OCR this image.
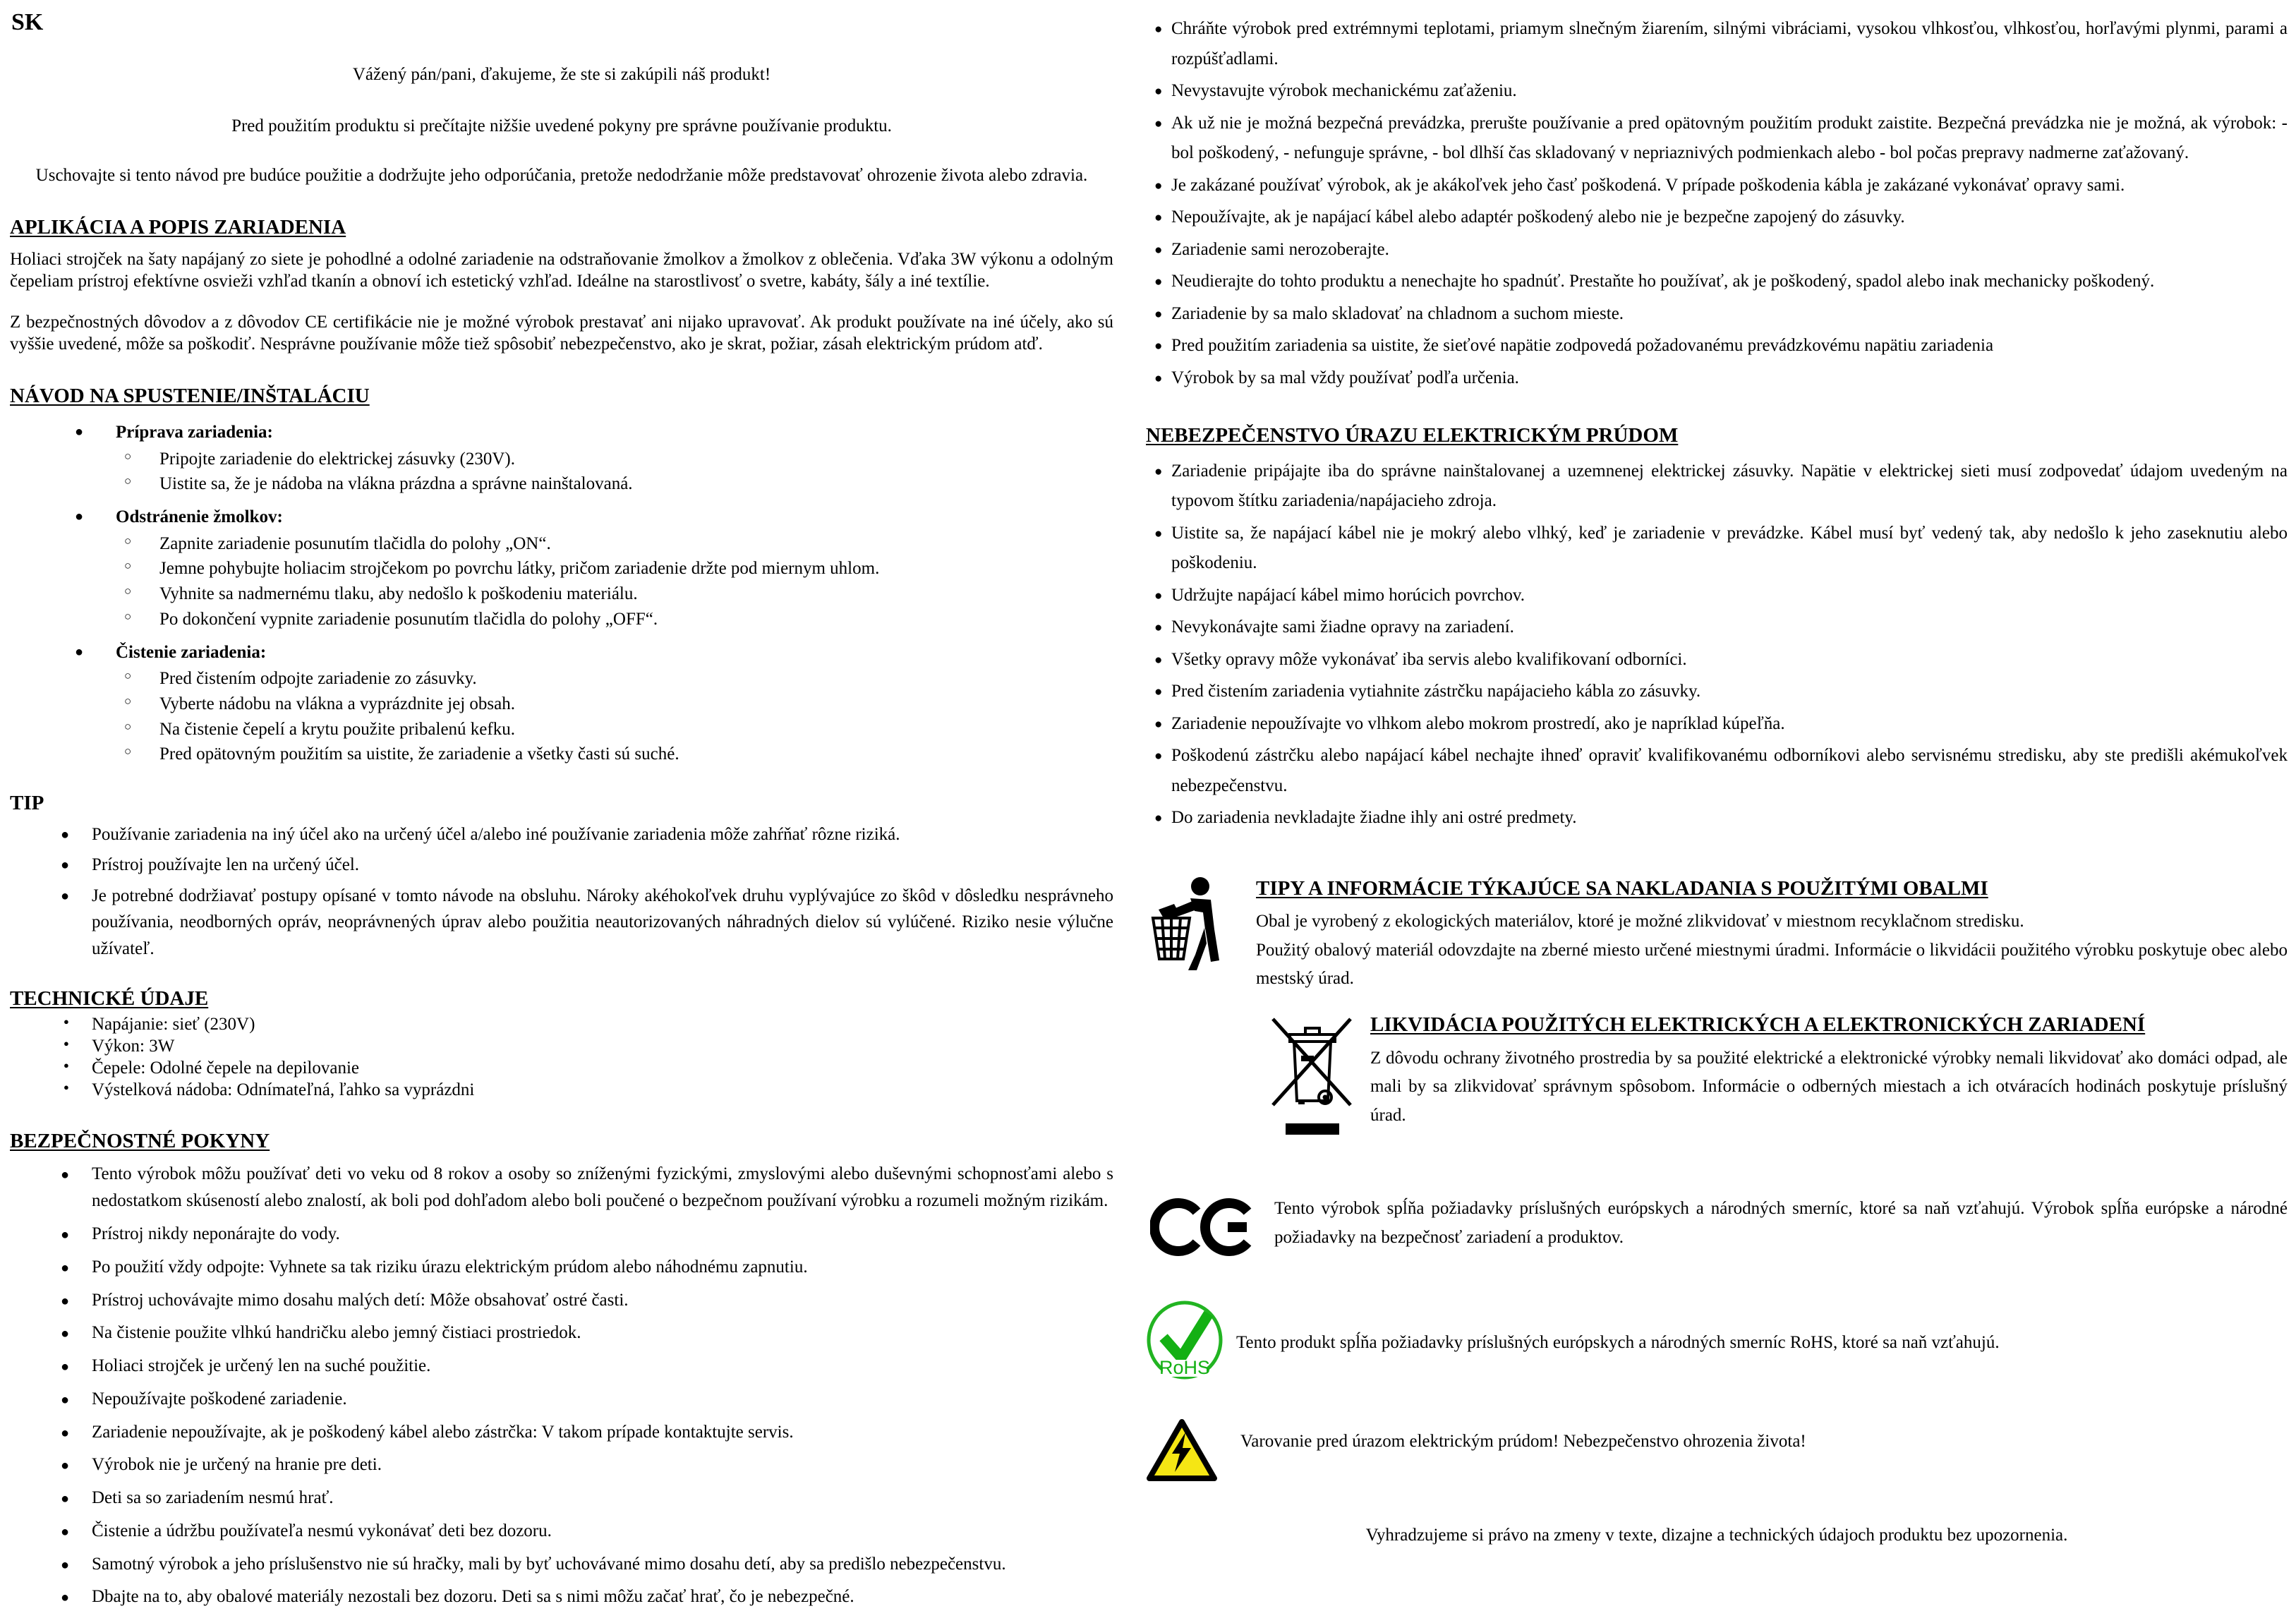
SK

Vážený pán/pani, ďakujeme, že ste si zakúpili náš produkt!

Pred použitím produktu si prečítajte nižšie uvedené pokyny pre správne používanie produktu.

Uschovajte si tento návod pre budúce použitie a dodržujte jeho odporúčania, pretože nedodržanie môže predstavovať ohrozenie života alebo zdravia.

APLIKÁCIA A POPIS ZARIADENIA

Holiaci strojček na šaty napájaný zo siete je pohodlné a odolné zariadenie na odstraňovanie žmolkov a žmolkov z oblečenia. Vďaka 3W výkonu a odolným čepeliam prístroj efektívne osvieži vzhľad tkanín a obnoví ich estetický vzhľad. Ideálne na starostlivosť o svetre, kabáty, šály a iné textílie.

Z bezpečnostných dôvodov a z dôvodov CE certifikácie nie je možné výrobok prestavať ani nijako upravovať. Ak produkt používate na iné účely, ako sú vyššie uvedené, môže sa poškodiť. Nesprávne používanie môže tiež spôsobiť nebezpečenstvo, ako je skrat, požiar, zásah elektrickým prúdom atď.

NÁVOD NA SPUSTENIE/INŠTALÁCIU
● Príprava zariadenia:
○ Pripojte zariadenie do elektrickej zásuvky (230V).
○ Uistite sa, že je nádoba na vlákna prázdna a správne nainštalovaná.
● Odstránenie žmolkov:
○ Zapnite zariadenie posunutím tlačidla do polohy „ON“.
○ Jemne pohybujte holiacim strojčekom po povrchu látky, pričom zariadenie držte pod miernym uhlom.
○ Vyhnite sa nadmernému tlaku, aby nedošlo k poškodeniu materiálu.
○ Po dokončení vypnite zariadenie posunutím tlačidla do polohy „OFF“.
● Čistenie zariadenia:
○ Pred čistením odpojte zariadenie zo zásuvky.
○ Vyberte nádobu na vlákna a vyprázdnite jej obsah.
○ Na čistenie čepelí a krytu použite pribalenú kefku.
○ Pred opätovným použitím sa uistite, že zariadenie a všetky časti sú suché.
TIP
● Používanie zariadenia na iný účel ako na určený účel a/alebo iné používanie zariadenia môže zahŕňať rôzne riziká.
● Prístroj používajte len na určený účel.
● Je potrebné dodržiavať postupy opísané v tomto návode na obsluhu. Nároky akéhokoľvek druhu vyplývajúce zo škôd v dôsledku nesprávneho používania, neodborných opráv, neoprávnených úprav alebo použitia neautorizovaných náhradných dielov sú vylúčené. Riziko nesie výlučne užívateľ.
TECHNICKÉ ÚDAJE
● Napájanie: sieť (230V)
● Výkon: 3W
● Čepele: Odolné čepele na depilovanie
● Výstelková nádoba: Odnímateľná, ľahko sa vyprázdni
BEZPEČNOSTNÉ POKYNY
● Tento výrobok môžu používať deti vo veku od 8 rokov a osoby so zníženými fyzickými, zmyslovými alebo duševnými schopnosťami alebo s nedostatkom skúseností alebo znalostí, ak boli pod dohľadom alebo boli poučené o bezpečnom používaní výrobku a rozumeli možným rizikám.
● Prístroj nikdy neponárajte do vody.
● Po použití vždy odpojte: Vyhnete sa tak riziku úrazu elektrickým prúdom alebo náhodnému zapnutiu.
● Prístroj uchovávajte mimo dosahu malých detí: Môže obsahovať ostré časti.
● Na čistenie použite vlhkú handričku alebo jemný čistiaci prostriedok.
● Holiaci strojček je určený len na suché použitie.
● Nepoužívajte poškodené zariadenie.
● Zariadenie nepoužívajte, ak je poškodený kábel alebo zástrčka: V takom prípade kontaktujte servis.
● Výrobok nie je určený na hranie pre deti.
● Deti sa so zariadením nesmú hrať.
● Čistenie a údržbu používateľa nesmú vykonávať deti bez dozoru.
● Samotný výrobok a jeho príslušenstvo nie sú hračky, mali by byť uchovávané mimo dosahu detí, aby sa predišlo nebezpečenstvu.
● Dbajte na to, aby obalové materiály nezostali bez dozoru. Deti sa s nimi môžu začať hrať, čo je nebezpečné.
● Chráňte výrobok pred extrémnymi teplotami, priamym slnečným žiarením, silnými vibráciami, vysokou vlhkosťou, vlhkosťou, horľavými plynmi, parami a rozpúšťadlami.
● Nevystavujte výrobok mechanickému zaťaženiu.
● Ak už nie je možná bezpečná prevádzka, prerušte používanie a pred opätovným použitím produkt zaistite. Bezpečná prevádzka nie je možná, ak výrobok: - bol poškodený, - nefunguje správne, - bol dlhší čas skladovaný v nepriaznivých podmienkach alebo - bol počas prepravy nadmerne zaťažovaný.
● Je zakázané používať výrobok, ak je akákoľvek jeho časť poškodená. V prípade poškodenia kábla je zakázané vykonávať opravy sami.
● Nepoužívajte, ak je napájací kábel alebo adaptér poškodený alebo nie je bezpečne zapojený do zásuvky.
● Zariadenie sami nerozoberajte.
● Neudierajte do tohto produktu a nenechajte ho spadnúť. Prestaňte ho používať, ak je poškodený, spadol alebo inak mechanicky poškodený.
● Zariadenie by sa malo skladovať na chladnom a suchom mieste.
● Pred použitím zariadenia sa uistite, že sieťové napätie zodpovedá požadovanému prevádzkovému napätiu zariadenia
● Výrobok by sa mal vždy používať podľa určenia.
NEBEZPEČENSTVO ÚRAZU ELEKTRICKÝM PRÚDOM
● Zariadenie pripájajte iba do správne nainštalovanej a uzemnenej elektrickej zásuvky. Napätie v elektrickej sieti musí zodpovedať údajom uvedeným na typovom štítku zariadenia/napájacieho zdroja.
● Uistite sa, že napájací kábel nie je mokrý alebo vlhký, keď je zariadenie v prevádzke. Kábel musí byť vedený tak, aby nedošlo k jeho zaseknutiu alebo poškodeniu.
● Udržujte napájací kábel mimo horúcich povrchov.
● Nevykonávajte sami žiadne opravy na zariadení.
● Všetky opravy môže vykonávať iba servis alebo kvalifikovaní odborníci.
● Pred čistením zariadenia vytiahnite zástrčku napájacieho kábla zo zásuvky.
● Zariadenie nepoužívajte vo vlhkom alebo mokrom prostredí, ako je napríklad kúpeľňa.
● Poškodenú zástrčku alebo napájací kábel nechajte ihneď opraviť kvalifikovanému odborníkovi alebo servisnému stredisku, aby ste predišli akémukoľvek nebezpečenstvu.
● Do zariadenia nevkladajte žiadne ihly ani ostré predmety.
TIPY A INFORMÁCIE TÝKAJÚCE SA NAKLADANIA S POUŽITÝMI OBALMI

Obal je vyrobený z ekologických materiálov, ktoré je možné zlikvidovať v miestnom recyklačnom stredisku.

Použitý obalový materiál odovzdajte na zberné miesto určené miestnymi úradmi. Informácie o likvidácii použitého výrobku poskytuje obec alebo mestský úrad.

LIKVIDÁCIA POUŽITÝCH ELEKTRICKÝCH A ELEKTRONICKÝCH ZARIADENÍ

Z dôvodu ochrany životného prostredia by sa použité elektrické a elektronické výrobky nemali likvidovať ako domáci odpad, ale mali by sa zlikvidovať správnym spôsobom. Informácie o odberných miestach a ich otváracích hodinách poskytuje príslušný úrad.

Tento výrobok spĺňa požiadavky príslušných európskych a národných smerníc, ktoré sa naň vzťahujú. Výrobok spĺňa európske a národné požiadavky na bezpečnosť zariadení a produktov.

RoHS

Tento produkt spĺňa požiadavky príslušných európskych a národných smerníc RoHS, ktoré sa naň vzťahujú.

Varovanie pred úrazom elektrickým prúdom! Nebezpečenstvo ohrozenia života!

Vyhradzujeme si právo na zmeny v texte, dizajne a technických údajoch produktu bez upozornenia.
